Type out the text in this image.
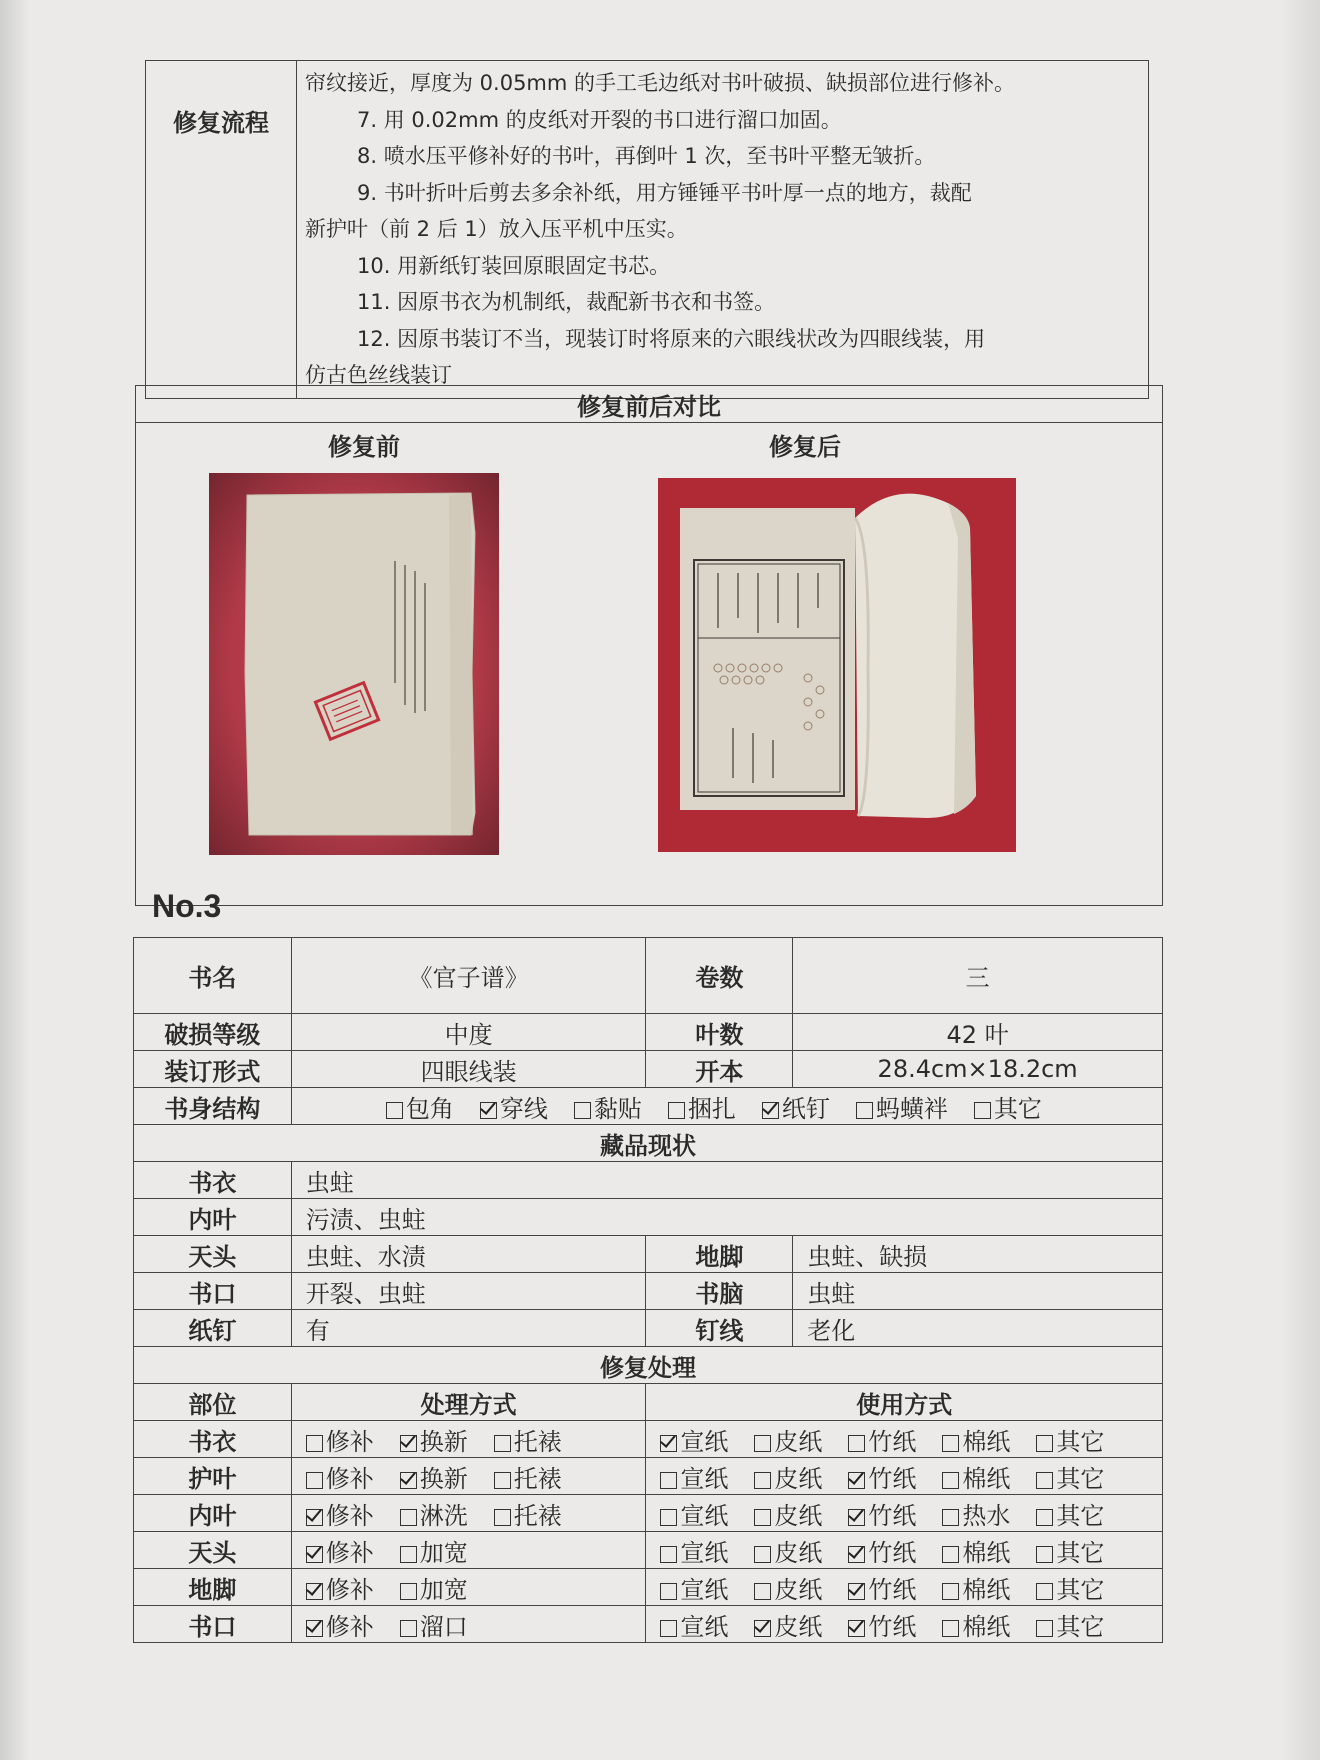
修复流程	
帘纹接近，厚度为 0.05mm 的手工毛边纸对书叶破损、缺损部位进行修补。
7. 用 0.02mm 的皮纸对开裂的书口进行溜口加固。
8. 喷水压平修补好的书叶，再倒叶 1 次，至书叶平整无皱折。
9. 书叶折叶后剪去多余补纸，用方锤锤平书叶厚一点的地方，裁配
新护叶（前 2 后 1）放入压平机中压实。
10. 用新纸钉装回原眼固定书芯。
11. 因原书衣为机制纸，裁配新书衣和书签。
12. 因原书装订不当，现装订时将原来的六眼线状改为四眼线装，用
仿古色丝线装订
修复前后对比

修复前	修复后
No.3
书名	《官子谱》	卷数	三
破损等级	中度	叶数	42 叶
装订形式	四眼线装	开本	28.4cm×18.2cm
书身结构	包角 穿线 黏贴 捆扎 纸钉 蚂蟥袢 其它		
藏品现状			
书衣	虫蛀		
内叶	污渍、虫蛀		
天头	虫蛀、水渍	地脚	虫蛀、缺损
书口	开裂、虫蛀	书脑	虫蛀
纸钉	有	钉线	老化
修复处理			
部位	处理方式	使用方式	
书衣	修补 换新 托裱	宣纸 皮纸 竹纸 棉纸 其它	
护叶	修补 换新 托裱	宣纸 皮纸 竹纸 棉纸 其它	
内叶	修补 淋洗 托裱	宣纸 皮纸 竹纸 热水 其它	
天头	修补 加宽	宣纸 皮纸 竹纸 棉纸 其它	
地脚	修补 加宽	宣纸 皮纸 竹纸 棉纸 其它	
书口	修补 溜口	宣纸 皮纸 竹纸 棉纸 其它	
